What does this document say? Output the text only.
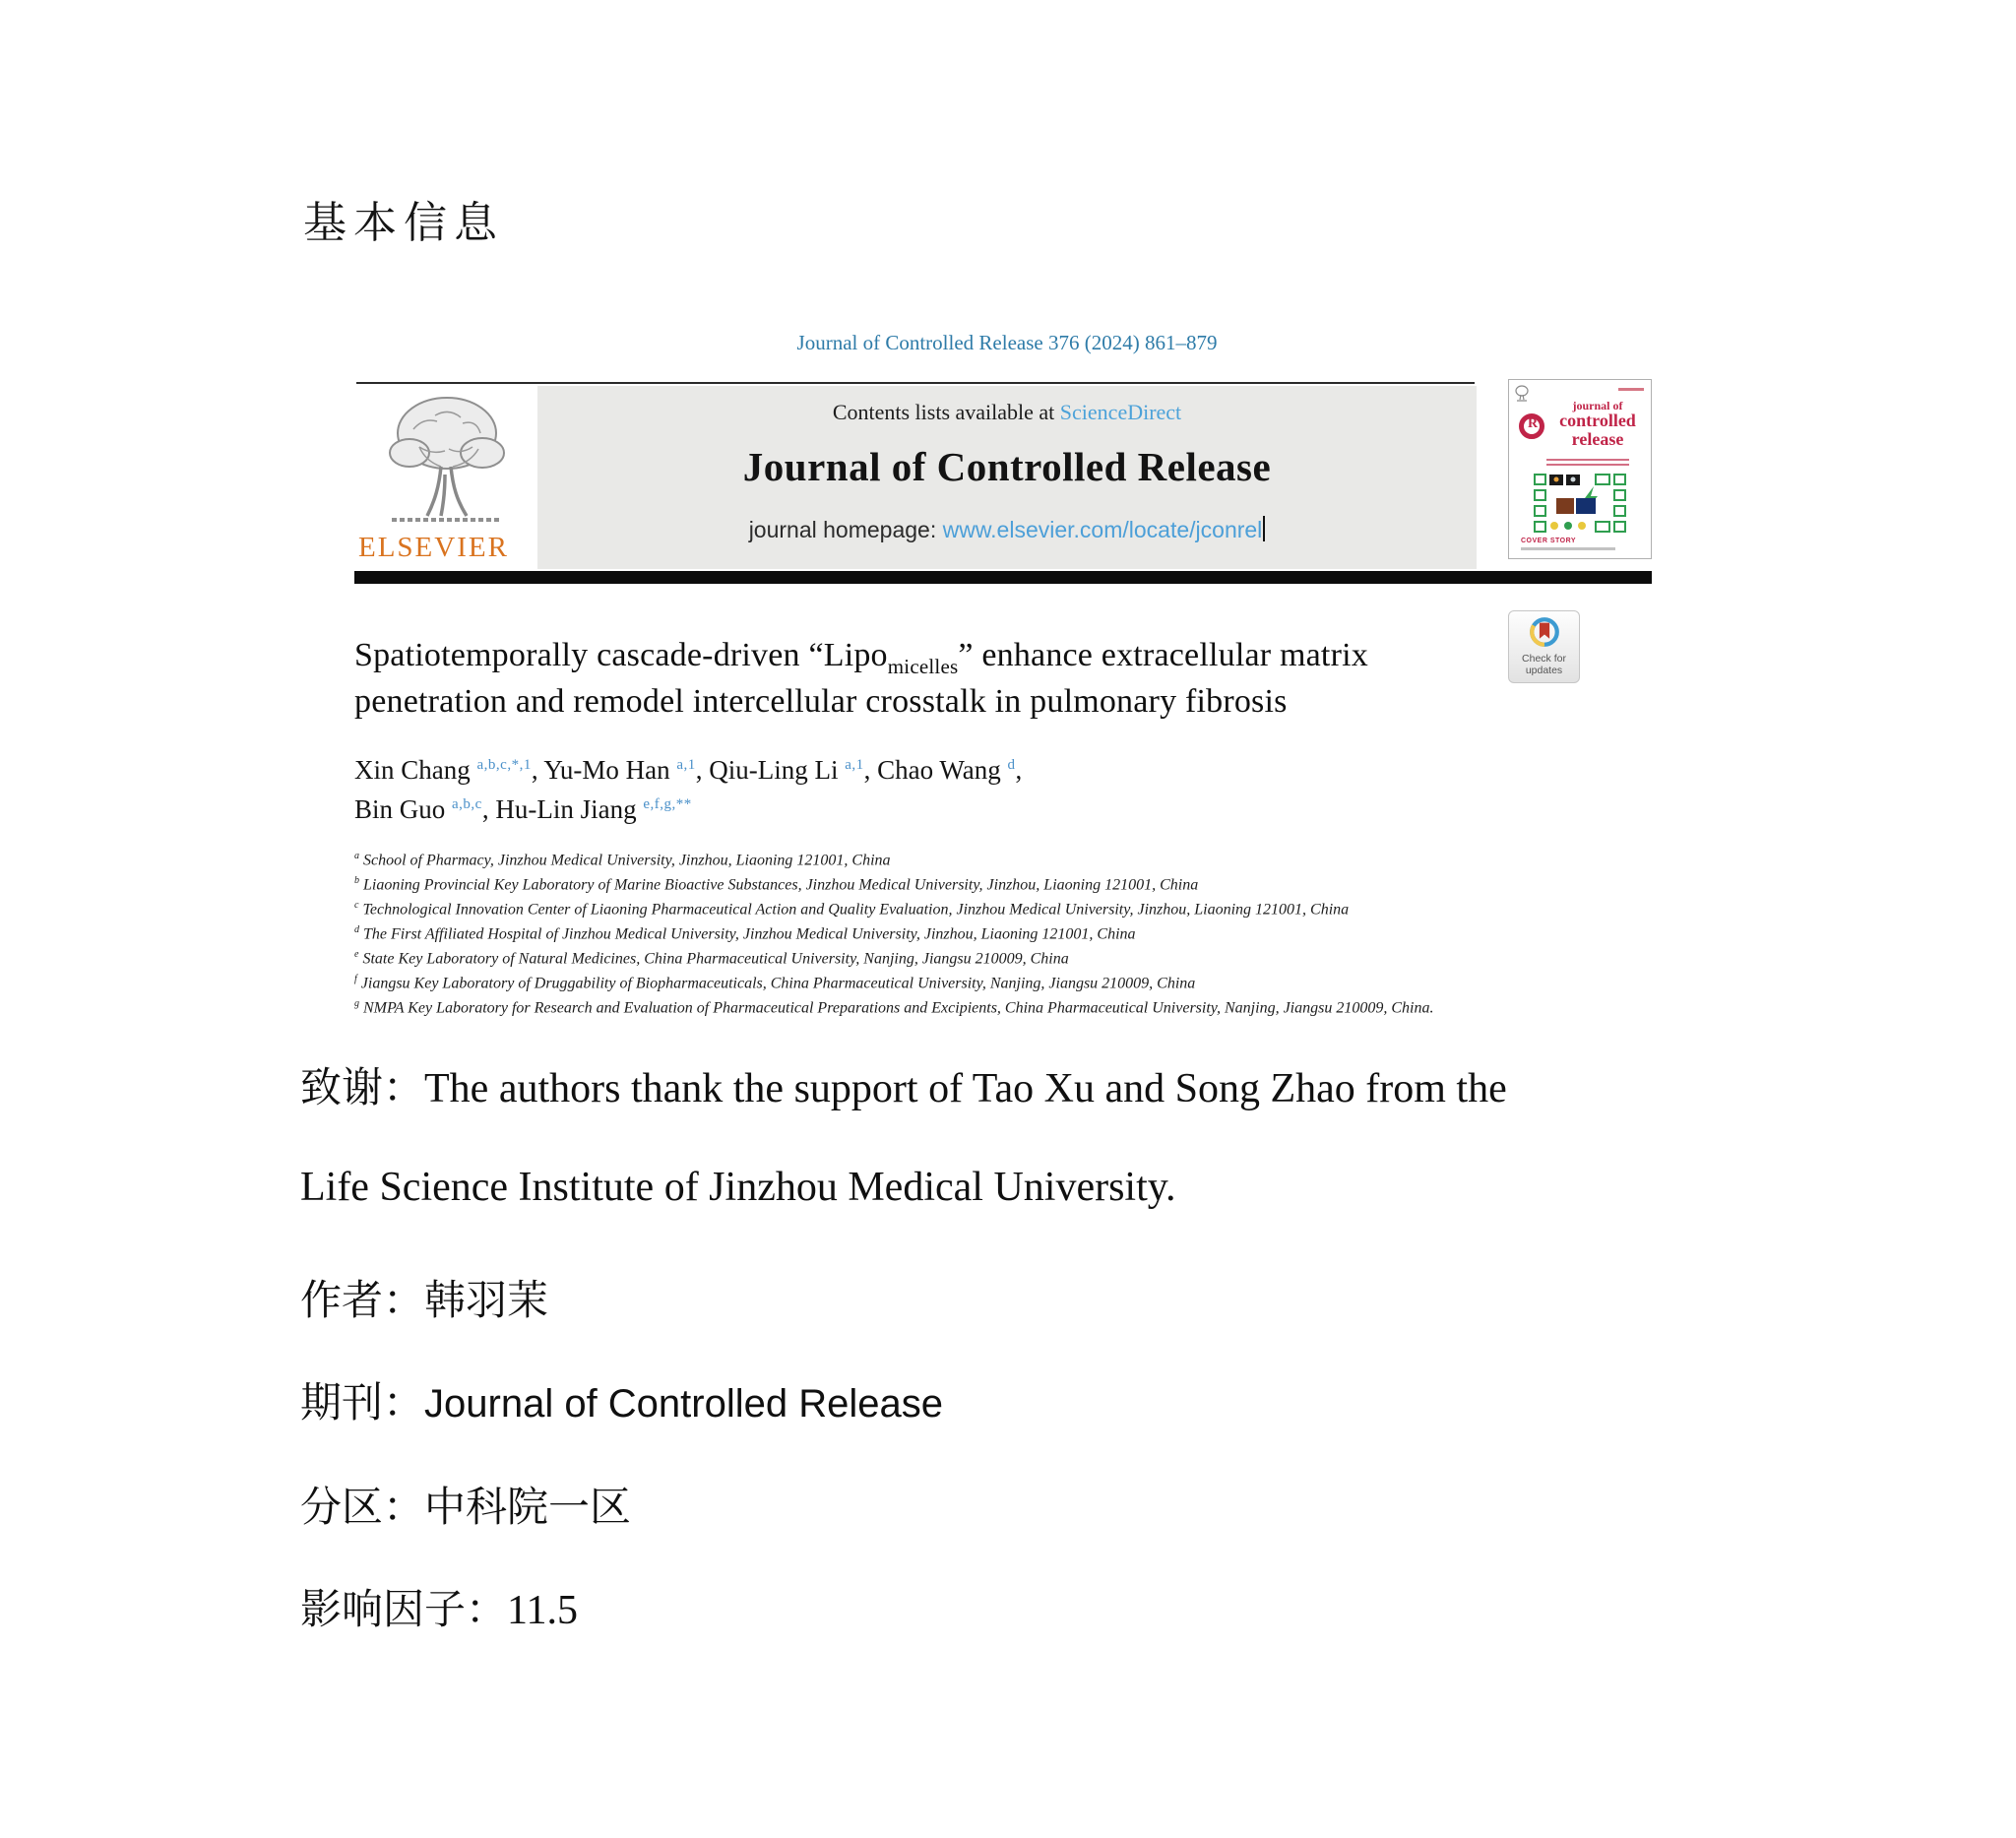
基本信息
Journal of Controlled Release 376 (2024) 861–879
ELSEVIER
Contents lists available at ScienceDirect
Journal of Controlled Release
journal homepage: www.elsevier.com/locate/jconrel
R
journal of
controlled
release
COVER STORY
Check for
updates
Spatiotemporally cascade-driven “Lipo$_{micelles}$” enhance extracellular matrix
penetration and remodel intercellular crosstalk in pulmonary fibrosis
Xin Chang $^{a,b,c,*,1}$, Yu-Mo Han $^{a,1}$, Qiu-Ling Li $^{a,1}$, Chao Wang $^d$,
Bin Guo $^{a,b,c}$, Hu-Lin Jiang $^{e,f,g,**}$
$^a$ School of Pharmacy, Jinzhou Medical University, Jinzhou, Liaoning 121001, China
$^b$ Liaoning Provincial Key Laboratory of Marine Bioactive Substances, Jinzhou Medical University, Jinzhou, Liaoning 121001, China
$^c$ Technological Innovation Center of Liaoning Pharmaceutical Action and Quality Evaluation, Jinzhou Medical University, Jinzhou, Liaoning 121001, China
$^d$ The First Affiliated Hospital of Jinzhou Medical University, Jinzhou Medical University, Jinzhou, Liaoning 121001, China
$^e$ State Key Laboratory of Natural Medicines, China Pharmaceutical University, Nanjing, Jiangsu 210009, China
$^f$ Jiangsu Key Laboratory of Druggability of Biopharmaceuticals, China Pharmaceutical University, Nanjing, Jiangsu 210009, China
$^g$ NMPA Key Laboratory for Research and Evaluation of Pharmaceutical Preparations and Excipients, China Pharmaceutical University, Nanjing, Jiangsu 210009, China.

致谢：The authors thank the support of Tao Xu and Song Zhao from the

Life Science Institute of Jinzhou Medical University.

作者：韩羽茉

期刊：Journal of Controlled Release

分区：中科院一区

影响因子：11.5
